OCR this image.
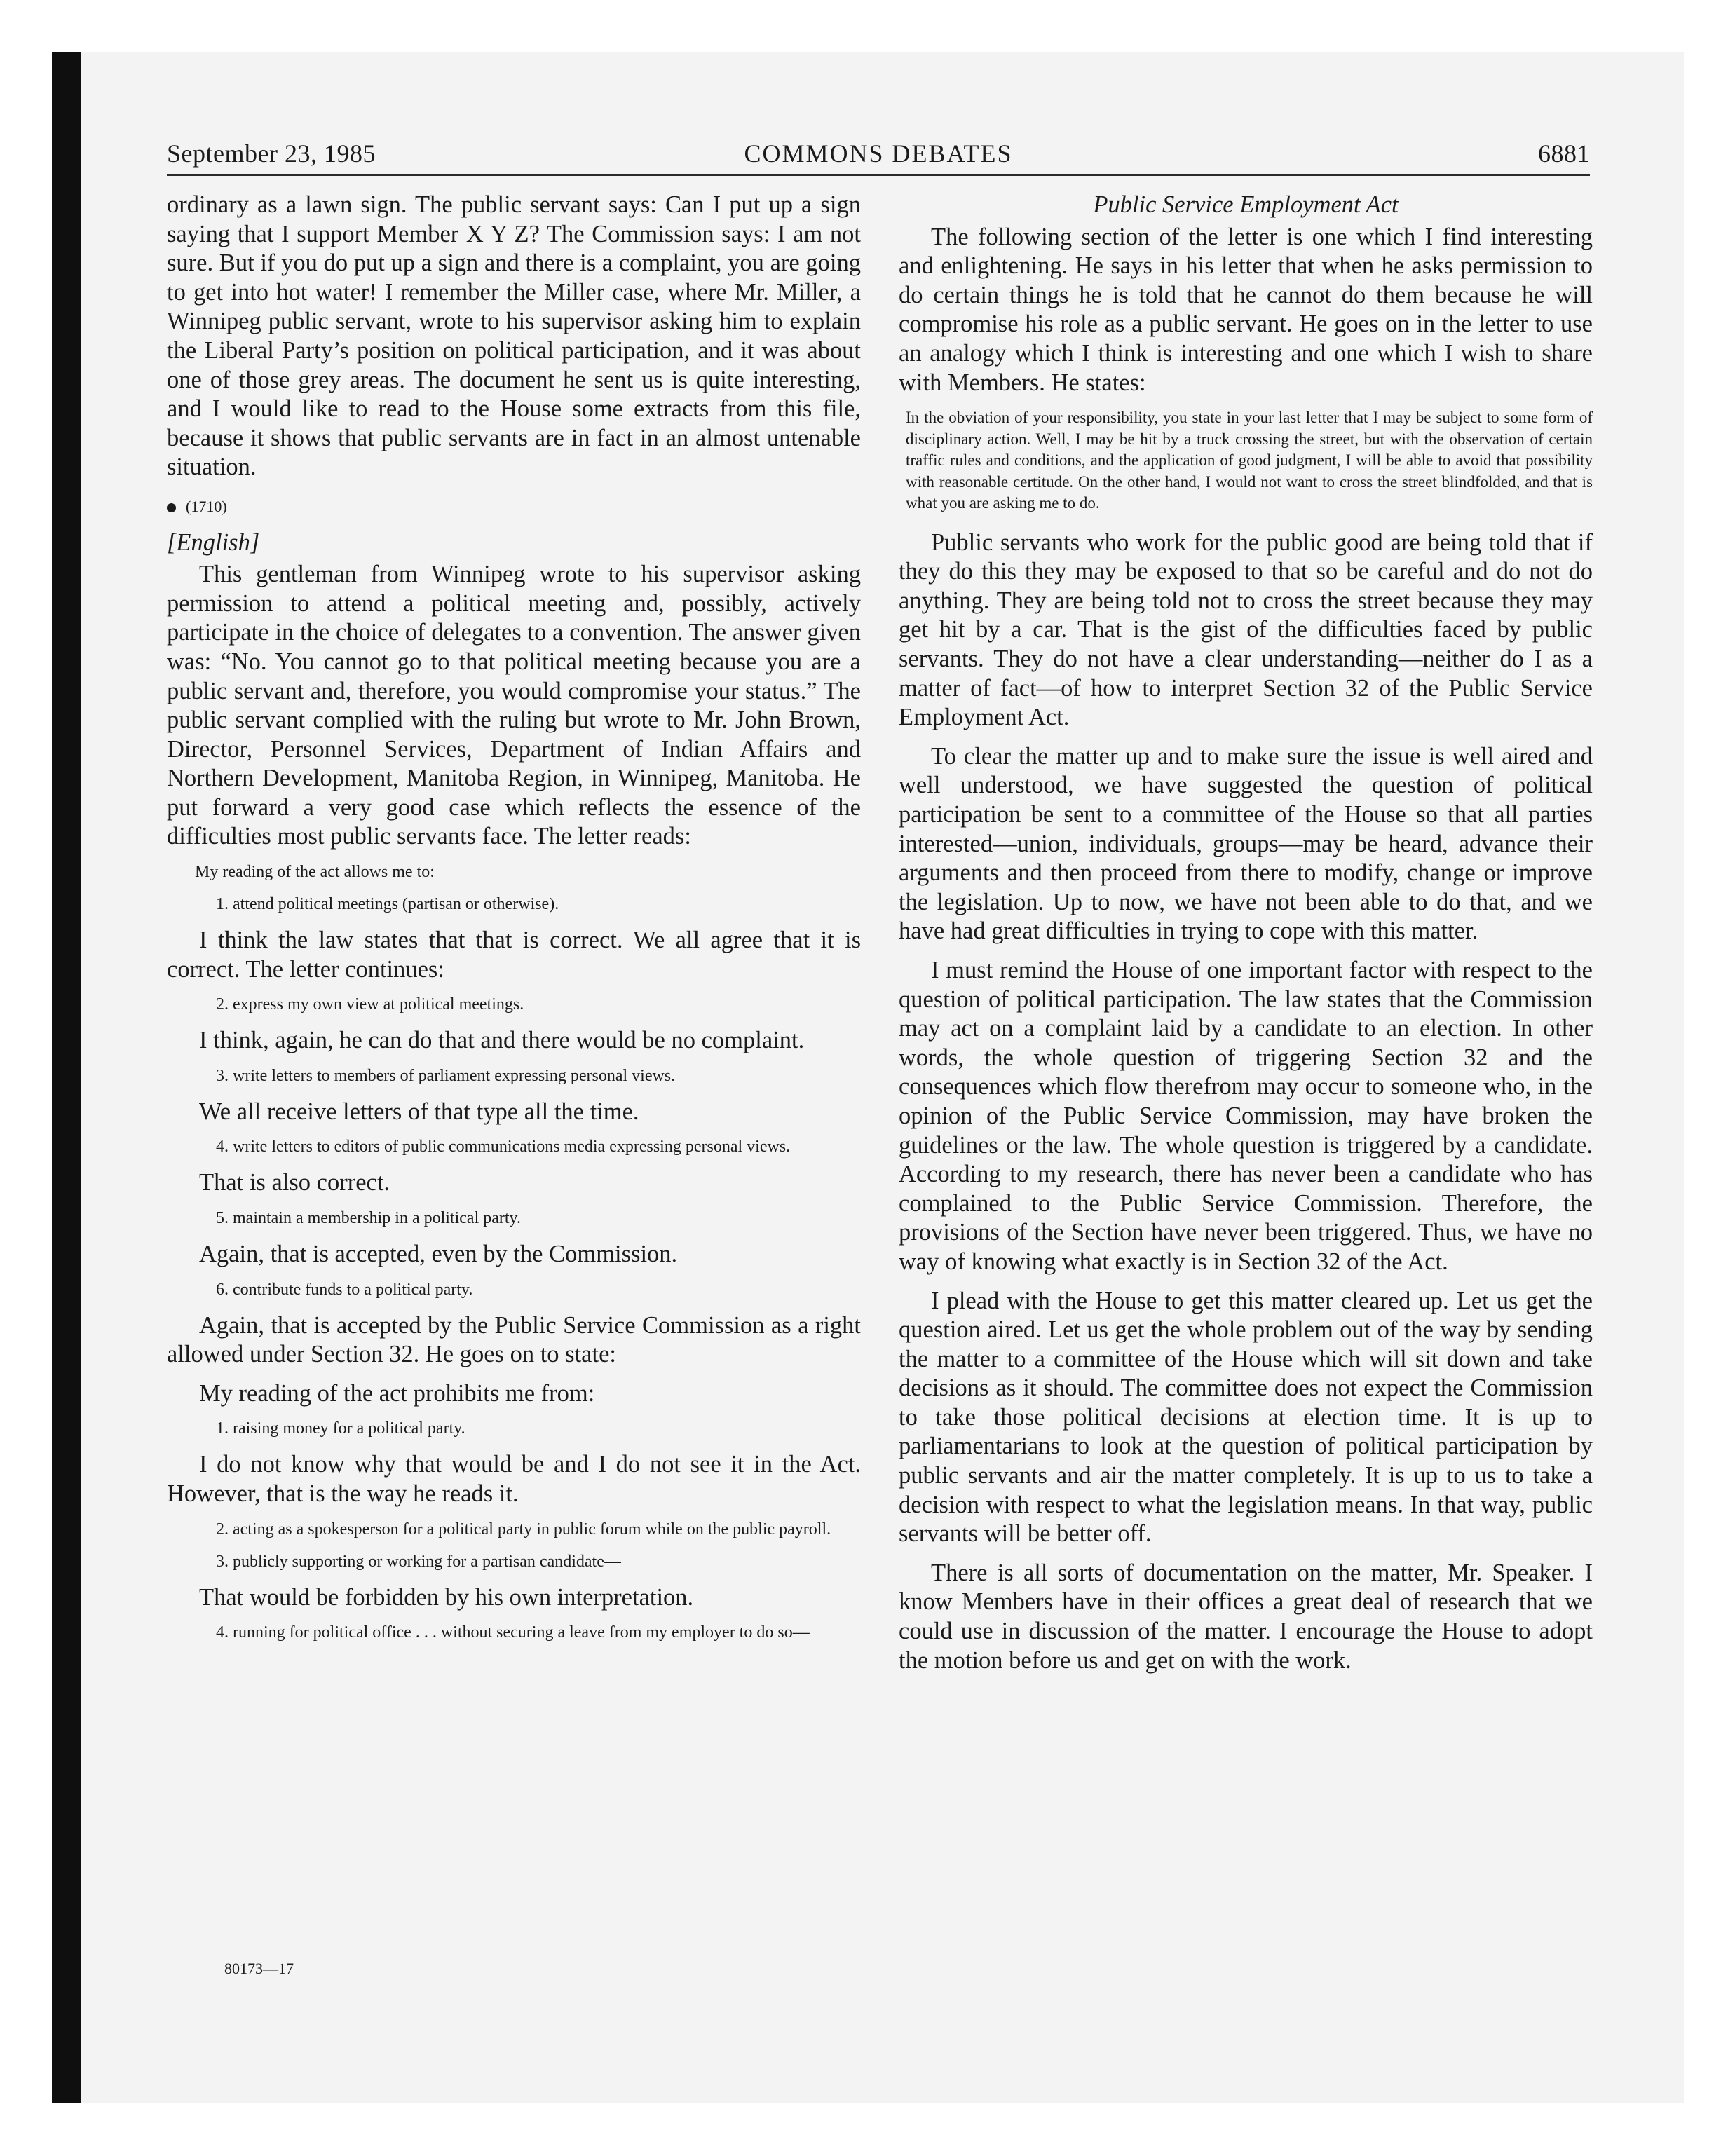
September 23, 1985	COMMONS DEBATES	6881

ordinary as a lawn sign. The public servant says: Can I put up a sign saying that I support Member X Y Z? The Commission says: I am not sure. But if you do put up a sign and there is a complaint, you are going to get into hot water! I remember the Miller case, where Mr. Miller, a Winnipeg public servant, wrote to his supervisor asking him to explain the Liberal Party’s position on political participation, and it was about one of those grey areas. The document he sent us is quite interesting, and I would like to read to the House some extracts from this file, because it shows that public servants are in fact in an almost untenable situation.

(1710)

[English]

This gentleman from Winnipeg wrote to his supervisor asking permission to attend a political meeting and, possibly, actively participate in the choice of delegates to a convention. The answer given was: “No. You cannot go to that political meeting because you are a public servant and, therefore, you would compromise your status.” The public servant complied with the ruling but wrote to Mr. John Brown, Director, Personnel Services, Department of Indian Affairs and Northern Development, Manitoba Region, in Winnipeg, Manitoba. He put forward a very good case which reflects the essence of the difficulties most public servants face. The letter reads:

My reading of the act allows me to:

1. attend political meetings (partisan or otherwise).

I think the law states that that is correct. We all agree that it is correct. The letter continues:

2. express my own view at political meetings.

I think, again, he can do that and there would be no complaint.

3. write letters to members of parliament expressing personal views.

We all receive letters of that type all the time.

4. write letters to editors of public communications media expressing personal views.

That is also correct.

5. maintain a membership in a political party.

Again, that is accepted, even by the Commission.

6. contribute funds to a political party.

Again, that is accepted by the Public Service Commission as a right allowed under Section 32. He goes on to state:

My reading of the act prohibits me from:

1. raising money for a political party.

I do not know why that would be and I do not see it in the Act. However, that is the way he reads it.

2. acting as a spokesperson for a political party in public forum while on the public payroll.

3. publicly supporting or working for a partisan candidate—

That would be forbidden by his own interpretation.

4. running for political office . . . without securing a leave from my employer to do so—

Public Service Employment Act

The following section of the letter is one which I find interesting and enlightening. He says in his letter that when he asks permission to do certain things he is told that he cannot do them because he will compromise his role as a public servant. He goes on in the letter to use an analogy which I think is interesting and one which I wish to share with Members. He states:

In the obviation of your responsibility, you state in your last letter that I may be subject to some form of disciplinary action. Well, I may be hit by a truck crossing the street, but with the observation of certain traffic rules and conditions, and the application of good judgment, I will be able to avoid that possibility with reasonable certitude. On the other hand, I would not want to cross the street blindfolded, and that is what you are asking me to do.

Public servants who work for the public good are being told that if they do this they may be exposed to that so be careful and do not do anything. They are being told not to cross the street because they may get hit by a car. That is the gist of the difficulties faced by public servants. They do not have a clear understanding—neither do I as a matter of fact—of how to interpret Section 32 of the Public Service Employment Act.

To clear the matter up and to make sure the issue is well aired and well understood, we have suggested the question of political participation be sent to a committee of the House so that all parties interested—union, individuals, groups—may be heard, advance their arguments and then proceed from there to modify, change or improve the legislation. Up to now, we have not been able to do that, and we have had great difficulties in trying to cope with this matter.

I must remind the House of one important factor with respect to the question of political participation. The law states that the Commission may act on a complaint laid by a candidate to an election. In other words, the whole question of triggering Section 32 and the consequences which flow therefrom may occur to someone who, in the opinion of the Public Service Commission, may have broken the guidelines or the law. The whole question is triggered by a candidate. According to my research, there has never been a candidate who has complained to the Public Service Commission. Therefore, the provisions of the Section have never been triggered. Thus, we have no way of knowing what exactly is in Section 32 of the Act.

I plead with the House to get this matter cleared up. Let us get the question aired. Let us get the whole problem out of the way by sending the matter to a committee of the House which will sit down and take decisions as it should. The committee does not expect the Commission to take those political decisions at election time. It is up to parliamentarians to look at the question of political participation by public servants and air the matter completely. It is up to us to take a decision with respect to what the legislation means. In that way, public servants will be better off.

There is all sorts of documentation on the matter, Mr. Speaker. I know Members have in their offices a great deal of research that we could use in discussion of the matter. I encourage the House to adopt the motion before us and get on with the work.

80173—17
